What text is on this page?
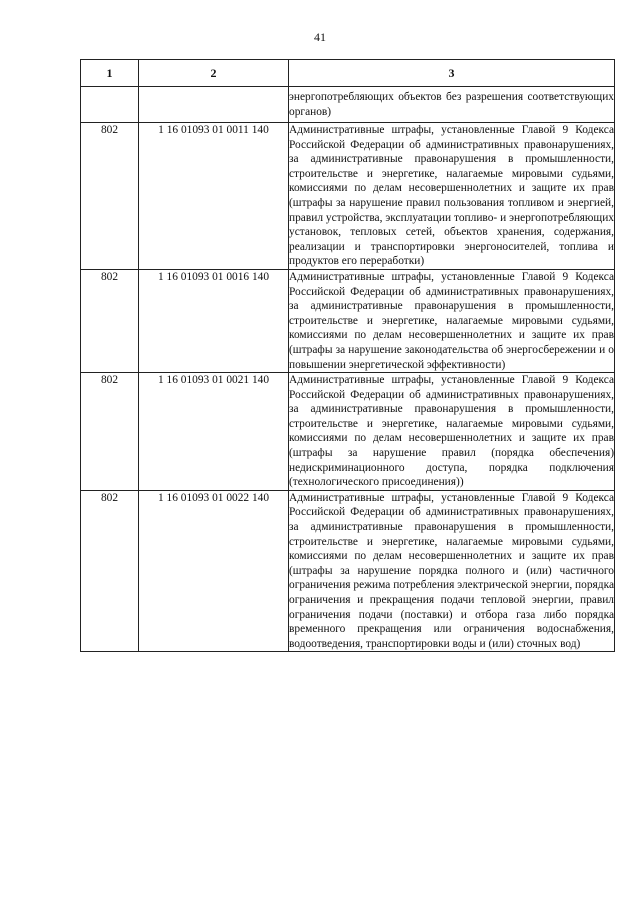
41
1	2	3
		энергопотребляющих объектов без разрешения соответствующих органов)
802	1 16 01093 01 0011 140	Административные штрафы, установленные Главой 9 Кодекса Российской Федерации об административных правонарушениях, за административные правонарушения в промышленности, строительстве и энергетике, налагаемые мировыми судьями, комиссиями по делам несовершеннолетних и защите их прав (штрафы за нарушение правил пользования топливом и энергией, правил устройства, эксплуатации топливо- и энергопотребляющих установок, тепловых сетей, объектов хранения, содержания, реализации и транспортировки энергоносителей, топлива и продуктов его переработки)
802	1 16 01093 01 0016 140	Административные штрафы, установленные Главой 9 Кодекса Российской Федерации об административных правонарушениях, за административные правонарушения в промышленности, строительстве и энергетике, налагаемые мировыми судьями, комиссиями по делам несовершеннолетних и защите их прав (штрафы за нарушение законодательства об энергосбережении и о повышении энергетической эффективности)
802	1 16 01093 01 0021 140	Административные штрафы, установленные Главой 9 Кодекса Российской Федерации об административных правонарушениях, за административные правонарушения в промышленности, строительстве и энергетике, налагаемые мировыми судьями, комиссиями по делам несовершеннолетних и защите их прав (штрафы за нарушение правил (порядка обеспечения) недискриминационного доступа, порядка подключения (технологического присоединения))
802	1 16 01093 01 0022 140	Административные штрафы, установленные Главой 9 Кодекса Российской Федерации об административных правонарушениях, за административные правонарушения в промышленности, строительстве и энергетике, налагаемые мировыми судьями, комиссиями по делам несовершеннолетних и защите их прав (штрафы за нарушение порядка полного и (или) частичного ограничения режима потребления электрической энергии, порядка ограничения и прекращения подачи тепловой энергии, правил ограничения подачи (поставки) и отбора газа либо порядка временного прекращения или ограничения водоснабжения, водоотведения, транспортировки воды и (или) сточных вод)
